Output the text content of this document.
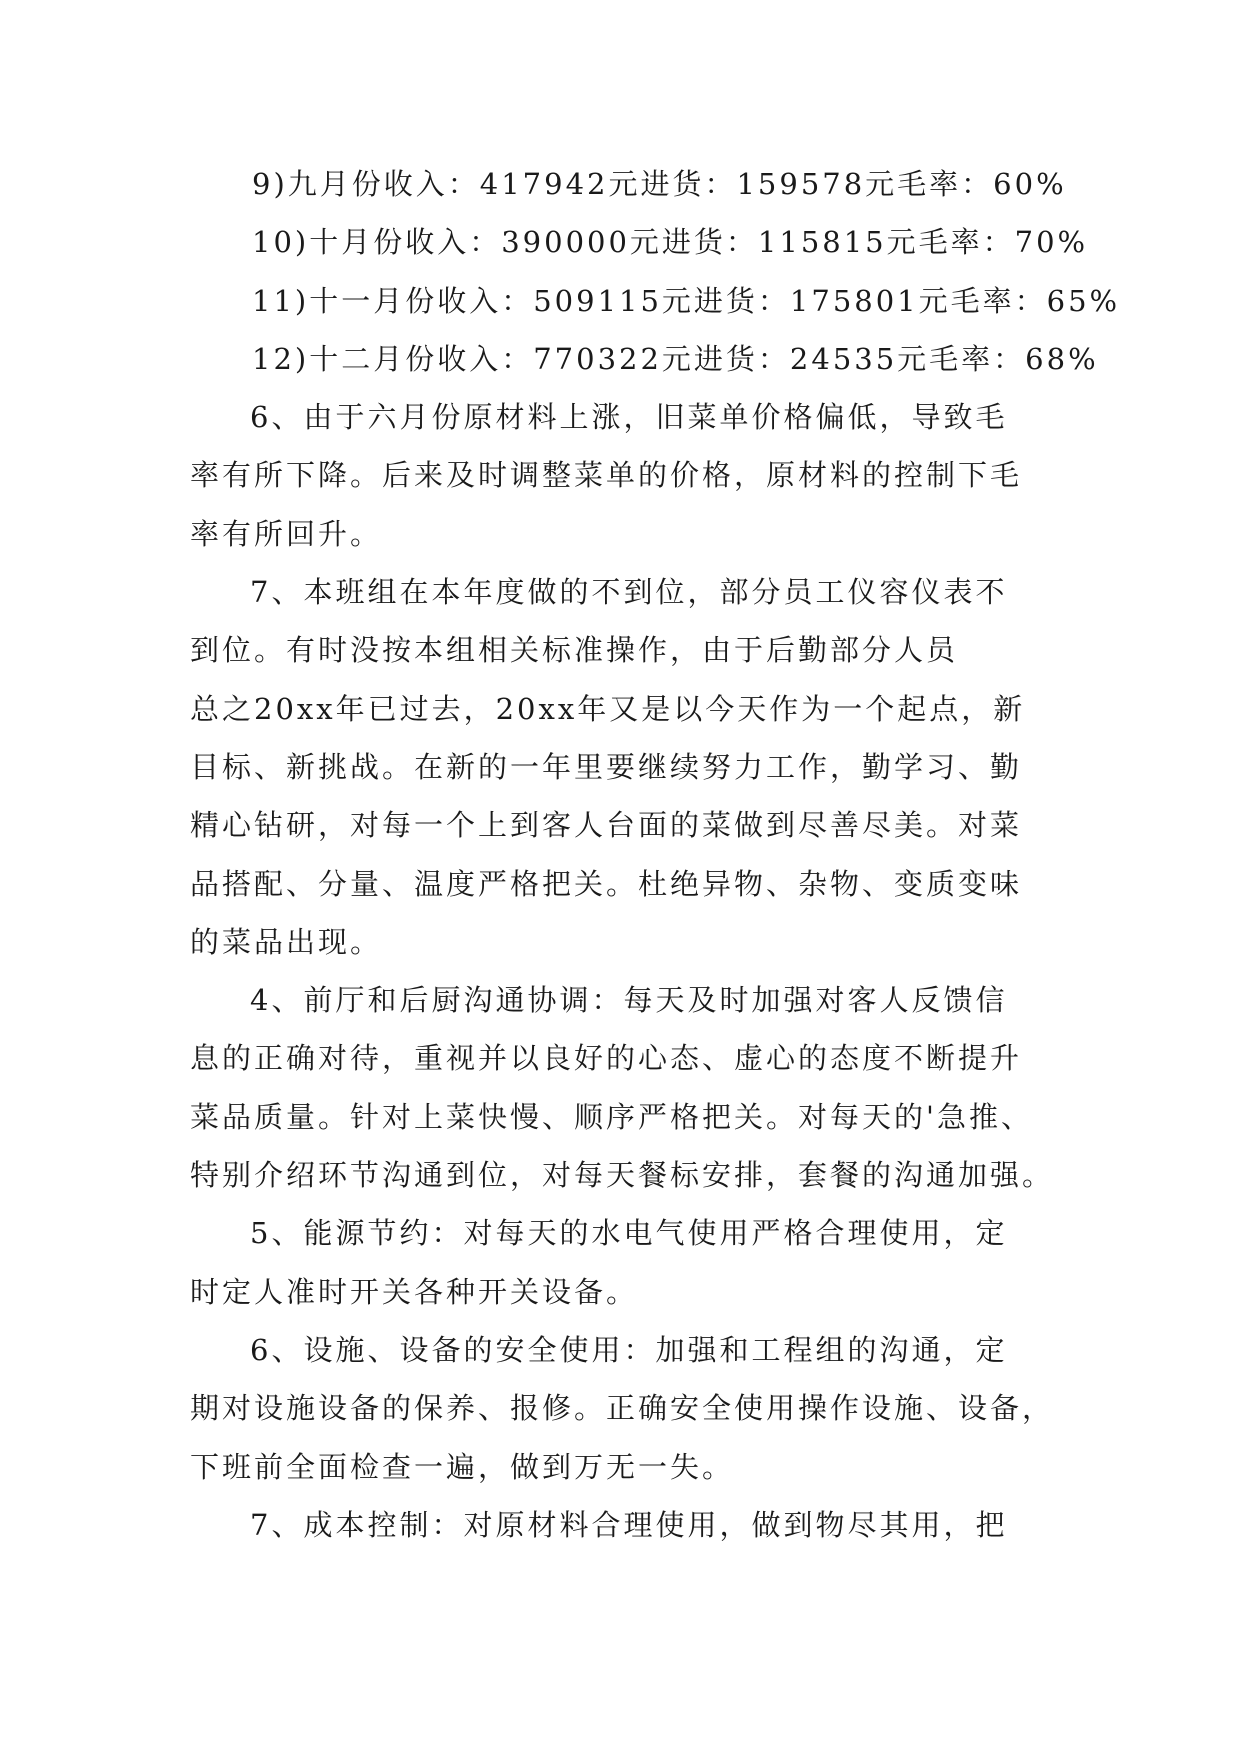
9)九月份收入：417942元进货：159578元毛率：60%
10)十月份收入：390000元进货：115815元毛率：70%
11)十一月份收入：509115元进货：175801元毛率：65%
12)十二月份收入：770322元进货：24535元毛率：68%
6、由于六月份原材料上涨，旧菜单价格偏低，导致毛
率有所下降。后来及时调整菜单的价格，原材料的控制下毛
率有所回升。
7、本班组在本年度做的不到位，部分员工仪容仪表不
到位。有时没按本组相关标准操作，由于后勤部分人员
总之20xx年已过去，20xx年又是以今天作为一个起点，新
目标、新挑战。在新的一年里要继续努力工作，勤学习、勤
精心钻研，对每一个上到客人台面的菜做到尽善尽美。对菜
品搭配、分量、温度严格把关。杜绝异物、杂物、变质变味
的菜品出现。
4、前厅和后厨沟通协调：每天及时加强对客人反馈信
息的正确对待，重视并以良好的心态、虚心的态度不断提升
菜品质量。针对上菜快慢、顺序严格把关。对每天的'急推、
特别介绍环节沟通到位，对每天餐标安排，套餐的沟通加强。
5、能源节约：对每天的水电气使用严格合理使用，定
时定人准时开关各种开关设备。
6、设施、设备的安全使用：加强和工程组的沟通，定
期对设施设备的保养、报修。正确安全使用操作设施、设备，
下班前全面检查一遍，做到万无一失。
7、成本控制：对原材料合理使用，做到物尽其用，把
